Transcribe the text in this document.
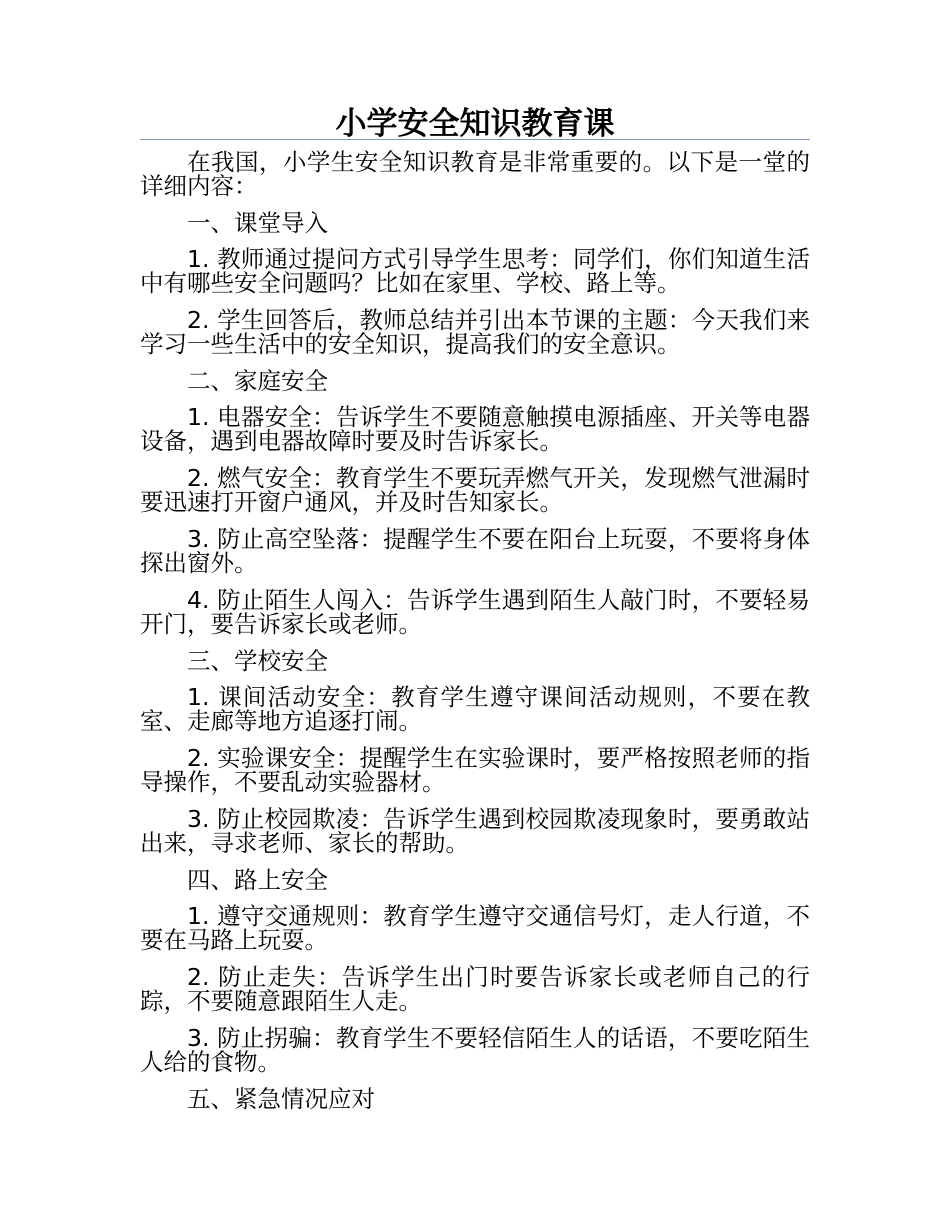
小学安全知识教育课

在我国，小学生安全知识教育是非常重要的。以下是一堂的详细内容：

一、课堂导入

1. 教师通过提问方式引导学生思考：同学们，你们知道生活中有哪些安全问题吗？比如在家里、学校、路上等。

2. 学生回答后，教师总结并引出本节课的主题：今天我们来学习一些生活中的安全知识，提高我们的安全意识。

二、家庭安全

1. 电器安全：告诉学生不要随意触摸电源插座、开关等电器设备，遇到电器故障时要及时告诉家长。

2. 燃气安全：教育学生不要玩弄燃气开关，发现燃气泄漏时要迅速打开窗户通风，并及时告知家长。

3. 防止高空坠落：提醒学生不要在阳台上玩耍，不要将身体探出窗外。

4. 防止陌生人闯入：告诉学生遇到陌生人敲门时，不要轻易开门，要告诉家长或老师。

三、学校安全

1. 课间活动安全：教育学生遵守课间活动规则，不要在教室、走廊等地方追逐打闹。

2. 实验课安全：提醒学生在实验课时，要严格按照老师的指导操作，不要乱动实验器材。

3. 防止校园欺凌：告诉学生遇到校园欺凌现象时，要勇敢站出来，寻求老师、家长的帮助。

四、路上安全

1. 遵守交通规则：教育学生遵守交通信号灯，走人行道，不要在马路上玩耍。

2. 防止走失：告诉学生出门时要告诉家长或老师自己的行踪，不要随意跟陌生人走。

3. 防止拐骗：教育学生不要轻信陌生人的话语，不要吃陌生人给的食物。

五、紧急情况应对
